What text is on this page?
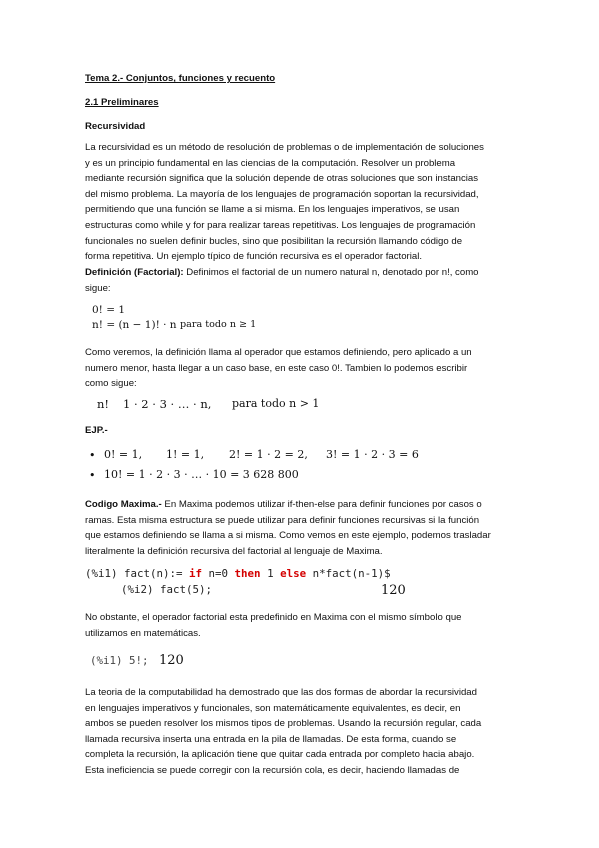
Tema 2.- Conjuntos, funciones y recuento
2.1 Preliminares
Recursividad
La recursividad es un método de resolución de problemas o de implementación de soluciones
y es un principio fundamental en las ciencias de la computación. Resolver un problema
mediante recursión significa que la solución depende de otras soluciones que son instancias
del mismo problema. La mayoría de los lenguajes de programación soportan la recursividad,
permitiendo que una función se llame a si misma. En los lenguajes imperativos, se usan
estructuras como while y for para realizar tareas repetitivas. Los lenguajes de programación
funcionales no suelen definir bucles, sino que posibilitan la recursión llamando código de
forma repetitiva. Un ejemplo típico de función recursiva es el operador factorial.
Definición (Factorial): Definimos el factorial de un numero natural n, denotado por n!, como
sigue:
0! = 1
n! = (n − 1)! · n para todo n ≥ 1
Como veremos, la definición llama al operador que estamos definiendo, pero aplicado a un
numero menor, hasta llegar a un caso base, en este caso 0!. Tambien lo podemos escribir
como sigue:
n! 1 · 2 · 3 · … · n, para todo n > 1
EJP.-
• 0! = 1, 1! = 1, 2! = 1 · 2 = 2, 3! = 1 · 2 · 3 = 6
• 10! = 1 · 2 · 3 · … · 10 = 3 628 800
Codigo Maxima.- En Maxima podemos utilizar if-then-else para definir funciones por casos o
ramas. Esta misma estructura se puede utilizar para definir funciones recursivas si la función
que estamos definiendo se llama a si misma. Como vemos en este ejemplo, podemos trasladar
literalmente la definición recursiva del factorial al lenguaje de Maxima.
(%i1) fact(n):= if n=0 then 1 else n*fact(n-1)$
(%i2) fact(5);	120
No obstante, el operador factorial esta predefinido en Maxima con el mismo símbolo que
utilizamos en matemáticas.
(%i1) 5!; 120
La teoria de la computabilidad ha demostrado que las dos formas de abordar la recursividad
en lenguajes imperativos y funcionales, son matemáticamente equivalentes, es decir, en
ambos se pueden resolver los mismos tipos de problemas. Usando la recursión regular, cada
llamada recursiva inserta una entrada en la pila de llamadas. De esta forma, cuando se
completa la recursión, la aplicación tiene que quitar cada entrada por completo hacia abajo.
Esta ineficiencia se puede corregir con la recursión cola, es decir, haciendo llamadas de
